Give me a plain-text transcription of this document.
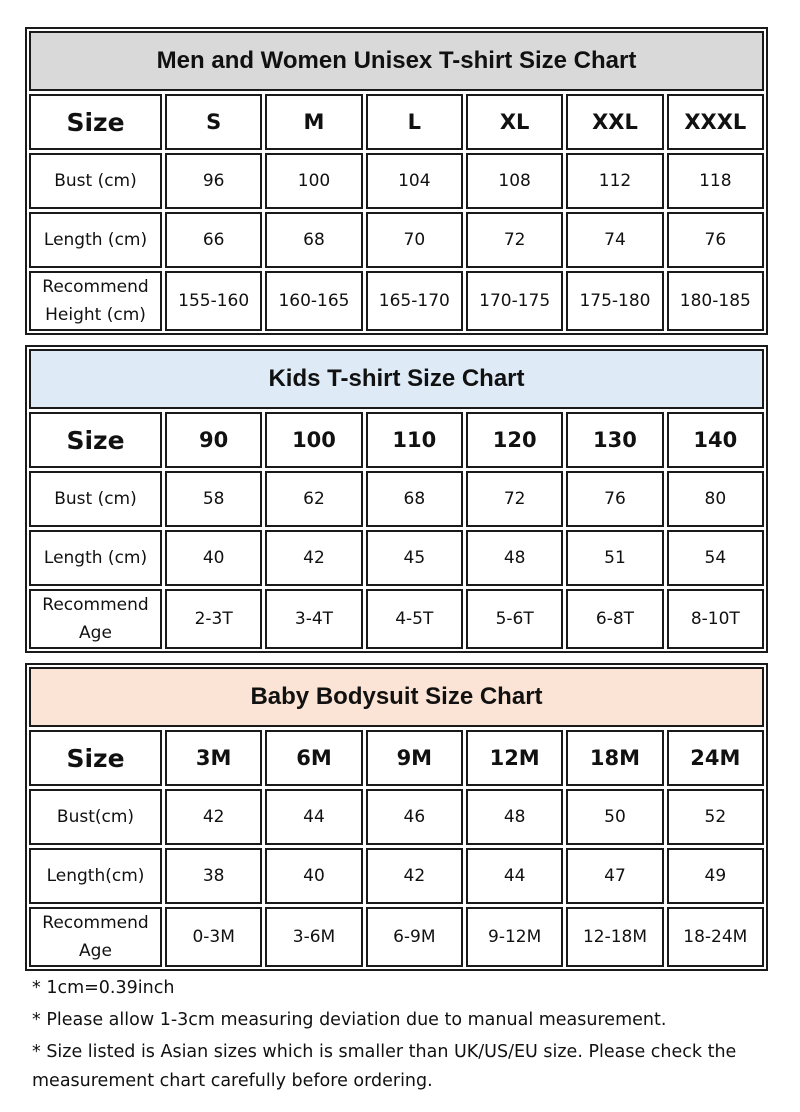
Men and Women Unisex T-shirt Size Chart						
Size	S	M	L	XL	XXL	XXXL
Bust (cm)	96	100	104	108	112	118
Length (cm)	66	68	70	72	74	76

Recommend
Height (cm)	155-160	160-165	165-170	170-175	175-180	180-185
Kids T-shirt Size Chart						
Size	90	100	110	120	130	140
Bust (cm)	58	62	68	72	76	80
Length (cm)	40	42	45	48	51	54

Recommend
Age	2-3T	3-4T	4-5T	5-6T	6-8T	8-10T
Baby Bodysuit Size Chart						
Size	3M	6M	9M	12M	18M	24M
Bust(cm)	42	44	46	48	50	52
Length(cm)	38	40	42	44	47	49

Recommend
Age	0-3M	3-6M	6-9M	9-12M	12-18M	18-24M

* 1cm=0.39inch

* Please allow 1-3cm measuring deviation due to manual measurement.

* Size listed is Asian sizes which is smaller than UK/US/EU size. Please check the measurement chart carefully before ordering.
